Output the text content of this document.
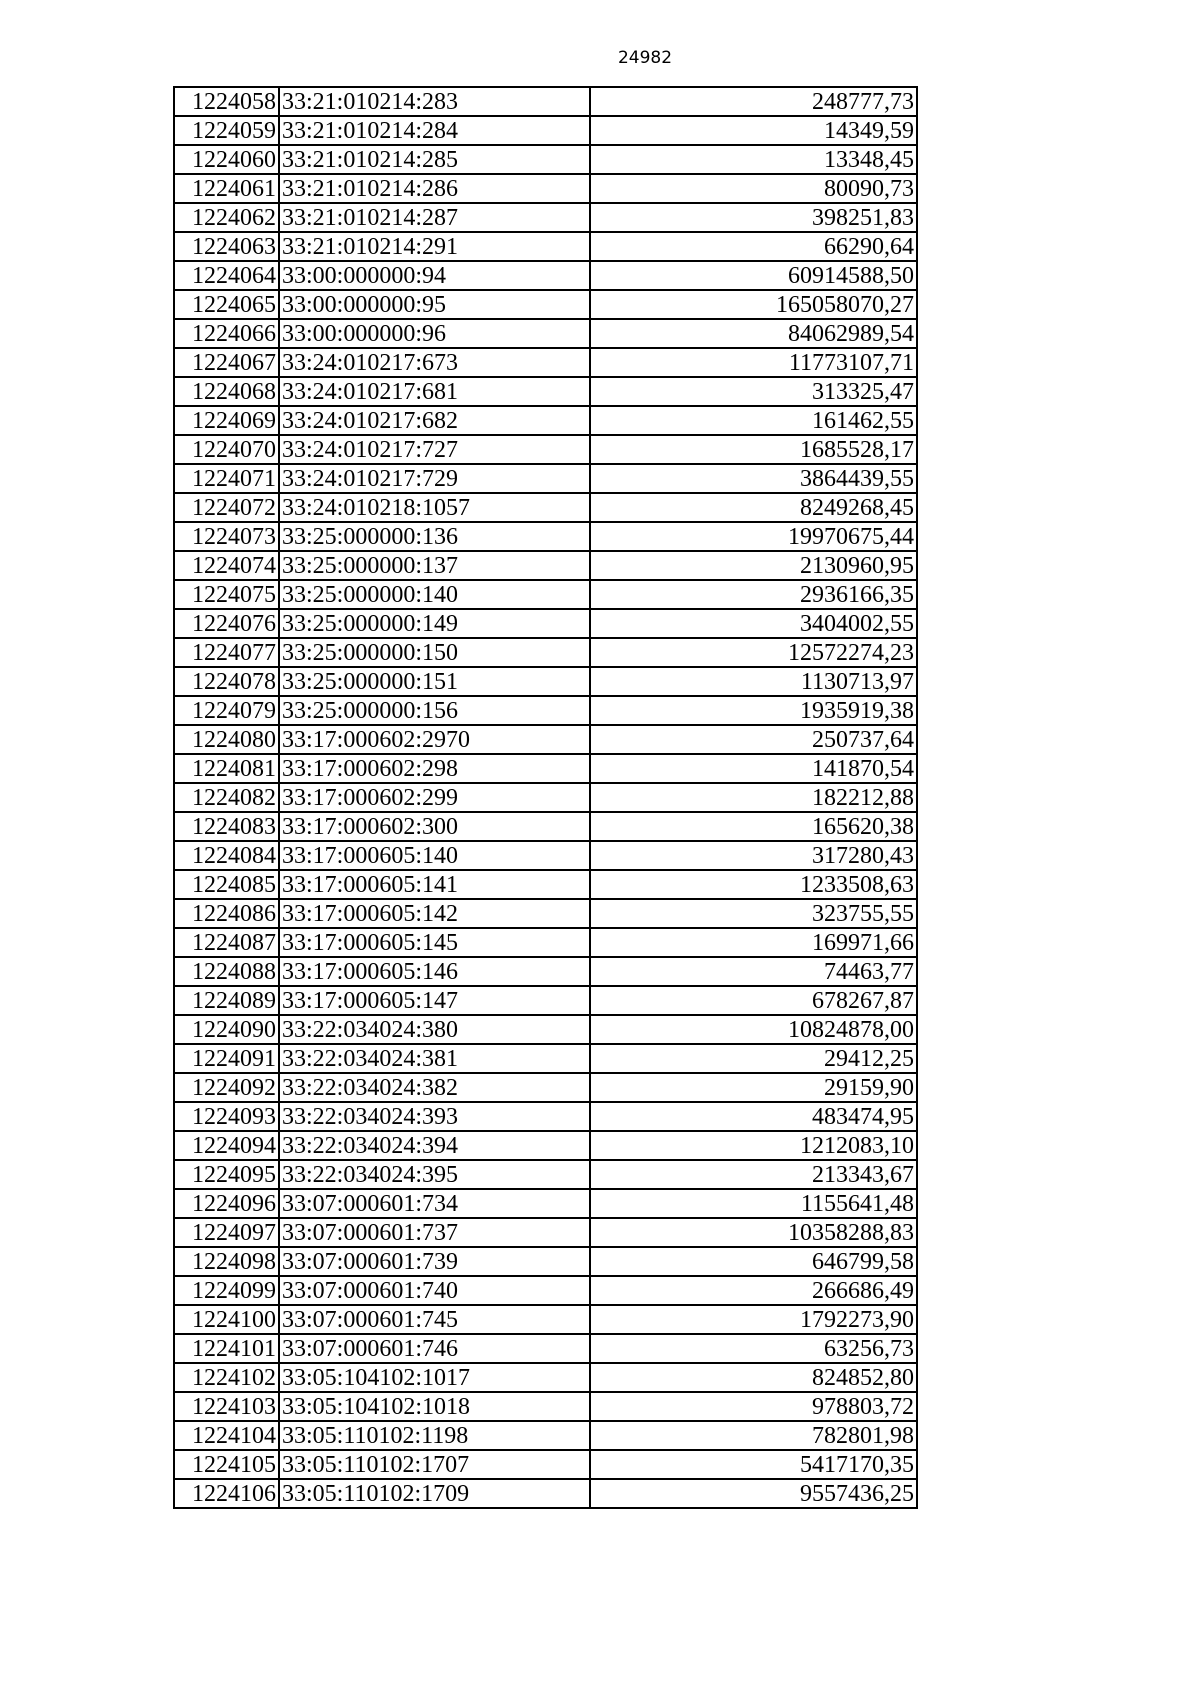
24982
1224058	33:21:010214:283	248777,73
1224059	33:21:010214:284	14349,59
1224060	33:21:010214:285	13348,45
1224061	33:21:010214:286	80090,73
1224062	33:21:010214:287	398251,83
1224063	33:21:010214:291	66290,64
1224064	33:00:000000:94	60914588,50
1224065	33:00:000000:95	165058070,27
1224066	33:00:000000:96	84062989,54
1224067	33:24:010217:673	11773107,71
1224068	33:24:010217:681	313325,47
1224069	33:24:010217:682	161462,55
1224070	33:24:010217:727	1685528,17
1224071	33:24:010217:729	3864439,55
1224072	33:24:010218:1057	8249268,45
1224073	33:25:000000:136	19970675,44
1224074	33:25:000000:137	2130960,95
1224075	33:25:000000:140	2936166,35
1224076	33:25:000000:149	3404002,55
1224077	33:25:000000:150	12572274,23
1224078	33:25:000000:151	1130713,97
1224079	33:25:000000:156	1935919,38
1224080	33:17:000602:2970	250737,64
1224081	33:17:000602:298	141870,54
1224082	33:17:000602:299	182212,88
1224083	33:17:000602:300	165620,38
1224084	33:17:000605:140	317280,43
1224085	33:17:000605:141	1233508,63
1224086	33:17:000605:142	323755,55
1224087	33:17:000605:145	169971,66
1224088	33:17:000605:146	74463,77
1224089	33:17:000605:147	678267,87
1224090	33:22:034024:380	10824878,00
1224091	33:22:034024:381	29412,25
1224092	33:22:034024:382	29159,90
1224093	33:22:034024:393	483474,95
1224094	33:22:034024:394	1212083,10
1224095	33:22:034024:395	213343,67
1224096	33:07:000601:734	1155641,48
1224097	33:07:000601:737	10358288,83
1224098	33:07:000601:739	646799,58
1224099	33:07:000601:740	266686,49
1224100	33:07:000601:745	1792273,90
1224101	33:07:000601:746	63256,73
1224102	33:05:104102:1017	824852,80
1224103	33:05:104102:1018	978803,72
1224104	33:05:110102:1198	782801,98
1224105	33:05:110102:1707	5417170,35
1224106	33:05:110102:1709	9557436,25
